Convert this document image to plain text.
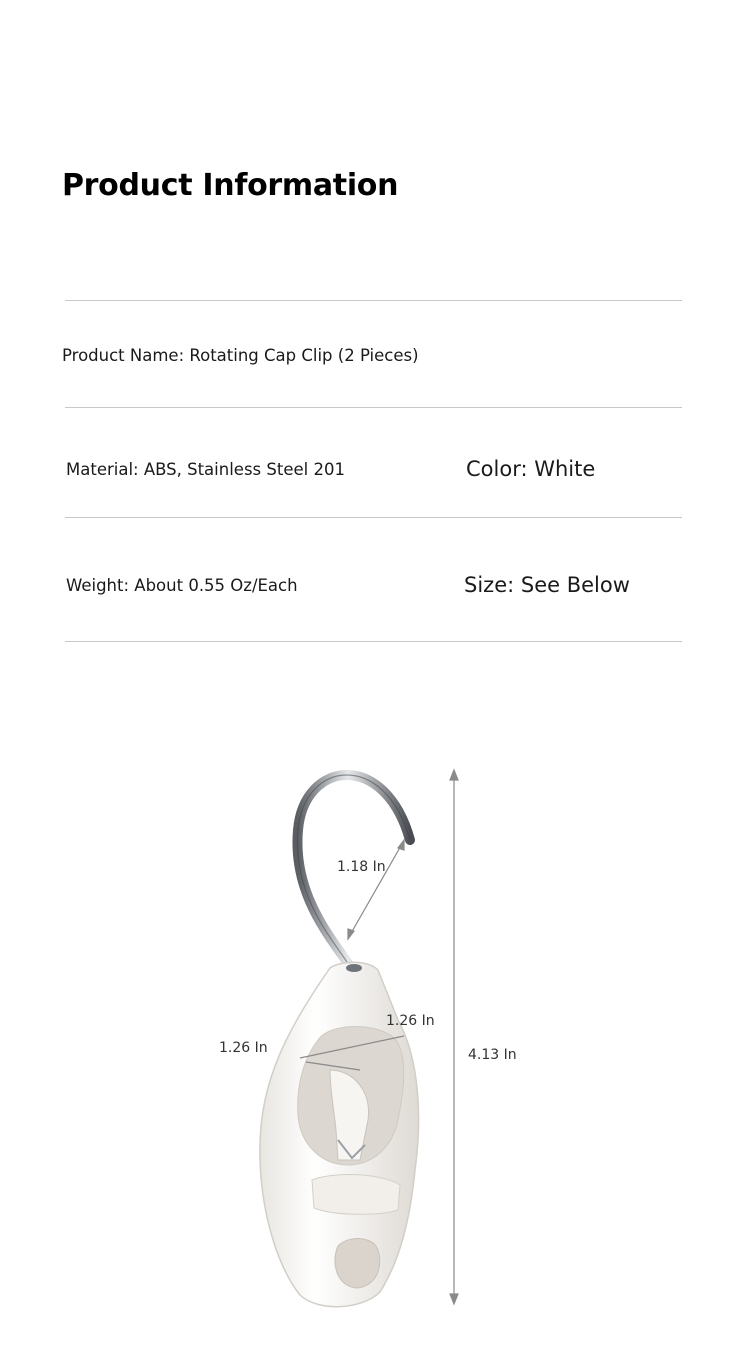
Product Information
Product Name: Rotating Cap Clip (2 Pieces)
Material: ABS, Stainless Steel 201	Color: White
Weight: About 0.55 Oz/Each	Size: See Below
1.18 In
1.26 In
1.26 In	4.13 In
